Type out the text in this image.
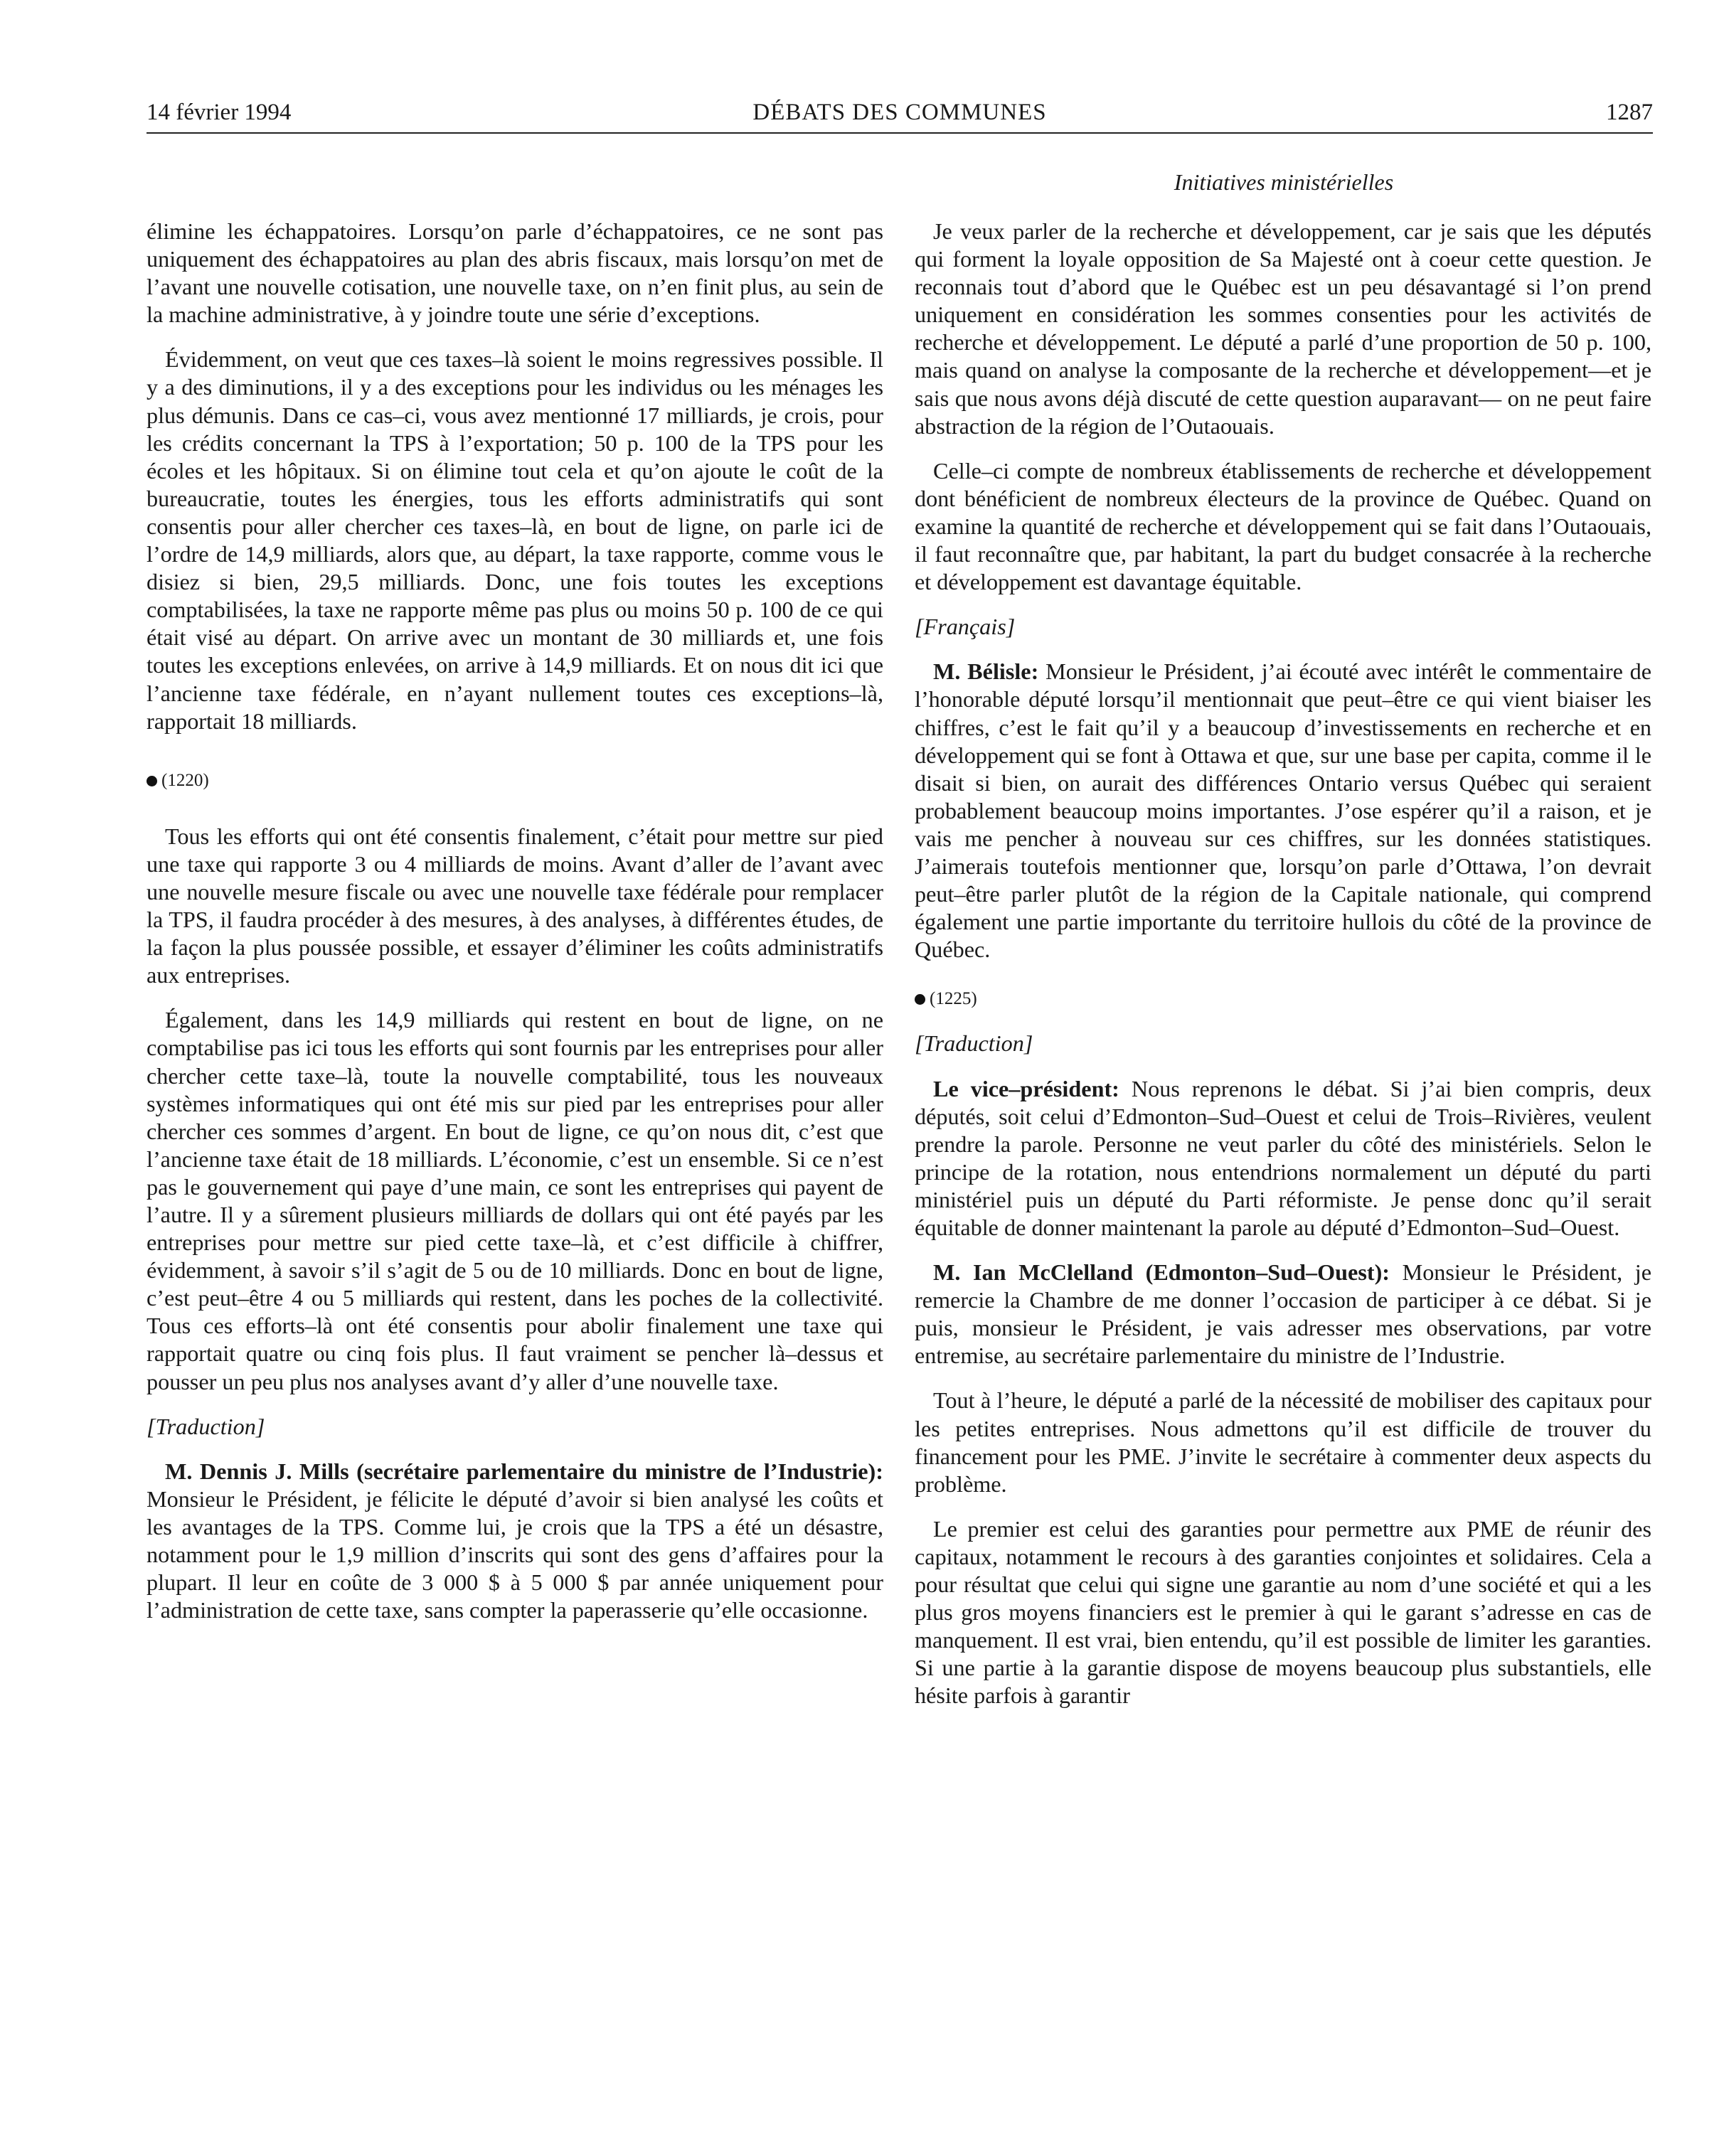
14 février 1994	DÉBATS DES COMMUNES	1287
Initiatives ministérielles

élimine les échappatoires. Lorsqu’on parle d’échappatoires, ce ne sont pas uniquement des échappatoires au plan des abris fiscaux, mais lorsqu’on met de l’avant une nouvelle cotisation, une nouvelle taxe, on n’en finit plus, au sein de la machine administrative, à y joindre toute une série d’exceptions.

Évidemment, on veut que ces taxes–là soient le moins regressives possible. Il y a des diminutions, il y a des exceptions pour les individus ou les ménages les plus démunis. Dans ce cas–ci, vous avez mentionné 17 milliards, je crois, pour les crédits concernant la TPS à l’exportation; 50 p. 100 de la TPS pour les écoles et les hôpitaux. Si on élimine tout cela et qu’on ajoute le coût de la bureaucratie, toutes les énergies, tous les efforts administratifs qui sont consentis pour aller chercher ces taxes–là, en bout de ligne, on parle ici de l’ordre de 14,9 milliards, alors que, au départ, la taxe rapporte, comme vous le disiez si bien, 29,5 milliards. Donc, une fois toutes les exceptions comptabilisées, la taxe ne rapporte même pas plus ou moins 50 p. 100 de ce qui était visé au départ. On arrive avec un montant de 30 milliards et, une fois toutes les exceptions enlevées, on arrive à 14,9 milliards. Et on nous dit ici que l’ancienne taxe fédérale, en n’ayant nullement toutes ces exceptions–là, rapportait 18 milliards.

(1220)

Tous les efforts qui ont été consentis finalement, c’était pour mettre sur pied une taxe qui rapporte 3 ou 4 milliards de moins. Avant d’aller de l’avant avec une nouvelle mesure fiscale ou avec une nouvelle taxe fédérale pour remplacer la TPS, il faudra procéder à des mesures, à des analyses, à différentes études, de la façon la plus poussée possible, et essayer d’éliminer les coûts administratifs aux entreprises.

Également, dans les 14,9 milliards qui restent en bout de ligne, on ne comptabilise pas ici tous les efforts qui sont fournis par les entreprises pour aller chercher cette taxe–là, toute la nouvelle comptabilité, tous les nouveaux systèmes informatiques qui ont été mis sur pied par les entreprises pour aller chercher ces sommes d’argent. En bout de ligne, ce qu’on nous dit, c’est que l’ancienne taxe était de 18 milliards. L’économie, c’est un ensemble. Si ce n’est pas le gouvernement qui paye d’une main, ce sont les entreprises qui payent de l’autre. Il y a sûrement plusieurs milliards de dollars qui ont été payés par les entreprises pour mettre sur pied cette taxe–là, et c’est difficile à chiffrer, évidemment, à savoir s’il s’agit de 5 ou de 10 milliards. Donc en bout de ligne, c’est peut–être 4 ou 5 milliards qui restent, dans les poches de la collectivité. Tous ces efforts–là ont été consentis pour abolir finalement une taxe qui rapportait quatre ou cinq fois plus. Il faut vraiment se pencher là–dessus et pousser un peu plus nos analyses avant d’y aller d’une nouvelle taxe.

[Traduction]

M. Dennis J. Mills (secrétaire parlementaire du ministre de l’Industrie): Monsieur le Président, je félicite le député d’avoir si bien analysé les coûts et les avantages de la TPS. Comme lui, je crois que la TPS a été un désastre, notamment pour le 1,9 million d’inscrits qui sont des gens d’affaires pour la plupart. Il leur en coûte de 3 000 $ à 5 000 $ par année uniquement pour l’administration de cette taxe, sans compter la paperasserie qu’elle occasionne.

Je veux parler de la recherche et développement, car je sais que les députés qui forment la loyale opposition de Sa Majesté ont à coeur cette question. Je reconnais tout d’abord que le Québec est un peu désavantagé si l’on prend uniquement en considération les sommes consenties pour les activités de recherche et développement. Le député a parlé d’une proportion de 50 p. 100, mais quand on analyse la composante de la recherche et développement—et je sais que nous avons déjà discuté de cette question auparavant— on ne peut faire abstraction de la région de l’Outaouais.

Celle–ci compte de nombreux établissements de recherche et développement dont bénéficient de nombreux électeurs de la province de Québec. Quand on examine la quantité de recherche et développement qui se fait dans l’Outaouais, il faut reconnaître que, par habitant, la part du budget consacrée à la recherche et développement est davantage équitable.

[Français]

M. Bélisle: Monsieur le Président, j’ai écouté avec intérêt le commentaire de l’honorable député lorsqu’il mentionnait que peut–être ce qui vient biaiser les chiffres, c’est le fait qu’il y a beaucoup d’investissements en recherche et en développement qui se font à Ottawa et que, sur une base per capita, comme il le disait si bien, on aurait des différences Ontario versus Québec qui seraient probablement beaucoup moins importantes. J’ose espérer qu’il a raison, et je vais me pencher à nouveau sur ces chiffres, sur les données statistiques. J’aimerais toutefois mentionner que, lorsqu’on parle d’Ottawa, l’on devrait peut–être parler plutôt de la région de la Capitale nationale, qui comprend également une partie importante du territoire hullois du côté de la province de Québec.

(1225)
[Traduction]

Le vice–président: Nous reprenons le débat. Si j’ai bien compris, deux députés, soit celui d’Edmonton–Sud–Ouest et celui de Trois–Rivières, veulent prendre la parole. Personne ne veut parler du côté des ministériels. Selon le principe de la rotation, nous entendrions normalement un député du parti ministériel puis un député du Parti réformiste. Je pense donc qu’il serait équitable de donner maintenant la parole au député d’Edmonton–Sud–Ouest.

M. Ian McClelland (Edmonton–Sud–Ouest): Monsieur le Président, je remercie la Chambre de me donner l’occasion de participer à ce débat. Si je puis, monsieur le Président, je vais adresser mes observations, par votre entremise, au secrétaire parlementaire du ministre de l’Industrie.

Tout à l’heure, le député a parlé de la nécessité de mobiliser des capitaux pour les petites entreprises. Nous admettons qu’il est difficile de trouver du financement pour les PME. J’invite le secrétaire à commenter deux aspects du problème.

Le premier est celui des garanties pour permettre aux PME de réunir des capitaux, notamment le recours à des garanties conjointes et solidaires. Cela a pour résultat que celui qui signe une garantie au nom d’une société et qui a les plus gros moyens financiers est le premier à qui le garant s’adresse en cas de manquement. Il est vrai, bien entendu, qu’il est possible de limiter les garanties. Si une partie à la garantie dispose de moyens beaucoup plus substantiels, elle hésite parfois à garantir
